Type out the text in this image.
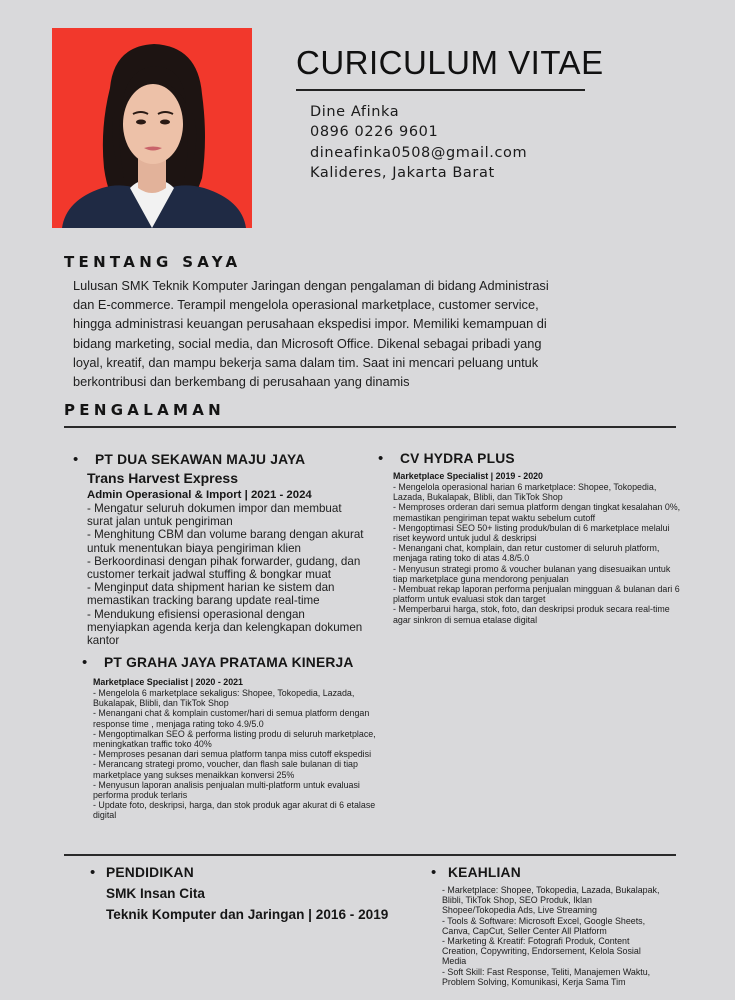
CURICULUM VITAE
Dine Afinka
0896 0226 9601
dineafinka0508@gmail.com
Kalideres, Jakarta Barat
TENTANG SAYA
Lulusan SMK Teknik Komputer Jaringan dengan pengalaman di bidang Administrasi
dan E-commerce. Terampil mengelola operasional marketplace, customer service,
hingga administrasi keuangan perusahaan ekspedisi impor. Memiliki kemampuan di
bidang marketing, social media, dan Microsoft Office. Dikenal sebagai pribadi yang
loyal, kreatif, dan mampu bekerja sama dalam tim. Saat ini mencari peluang untuk
berkontribusi dan berkembang di perusahaan yang dinamis
PENGALAMAN
•	PT DUA SEKAWAN MAJU JAYA
Trans Harvest Express
Admin Operasional & Import | 2021 - 2024
- Mengatur seluruh dokumen impor dan membuat
surat jalan untuk pengiriman
- Menghitung CBM dan volume barang dengan akurat
untuk menentukan biaya pengiriman klien
- Berkoordinasi dengan pihak forwarder, gudang, dan
customer terkait jadwal stuffing & bongkar muat
- Menginput data shipment harian ke sistem dan
memastikan tracking barang update real-time
- Mendukung efisiensi operasional dengan
menyiapkan agenda kerja dan kelengkapan dokumen
kantor
•	CV HYDRA PLUS
Marketplace Specialist | 2019 - 2020
- Mengelola operasional harian 6 marketplace: Shopee, Tokopedia,
Lazada, Bukalapak, Blibli, dan TikTok Shop
- Memproses orderan dari semua platform dengan tingkat kesalahan 0%,
memastikan pengiriman tepat waktu sebelum cutoff
- Mengoptimasi SEO 50+ listing produk/bulan di 6 marketplace melalui
riset keyword untuk judul & deskripsi
- Menangani chat, komplain, dan retur customer di seluruh platform,
menjaga rating toko di atas 4.8/5.0
- Menyusun strategi promo & voucher bulanan yang disesuaikan untuk
tiap marketplace guna mendorong penjualan
- Membuat rekap laporan performa penjualan mingguan & bulanan dari 6
platform untuk evaluasi stok dan target
- Memperbarui harga, stok, foto, dan deskripsi produk secara real-time
agar sinkron di semua etalase digital
•	PT GRAHA JAYA PRATAMA KINERJA
Marketplace Specialist | 2020 - 2021
- Mengelola 6 marketplace sekaligus: Shopee, Tokopedia, Lazada,
Bukalapak, Blibli, dan TikTok Shop
- Menangani chat & komplain customer/hari di semua platform dengan
response time , menjaga rating toko 4.9/5.0
- Mengoptimalkan SEO & performa listing produ di seluruh marketplace,
meningkatkan traffic toko 40%
- Memproses pesanan dari semua platform tanpa miss cutoff ekspedisi
- Merancang strategi promo, voucher, dan flash sale bulanan di tiap
marketplace yang sukses menaikkan konversi 25%
- Menyusun laporan analisis penjualan multi-platform untuk evaluasi
performa produk terlaris
- Update foto, deskripsi, harga, dan stok produk agar akurat di 6 etalase
digital
• PENDIDIKAN
SMK Insan Cita
Teknik Komputer dan Jaringan | 2016 - 2019
• KEAHLIAN
- Marketplace: Shopee, Tokopedia, Lazada, Bukalapak,
Blibli, TikTok Shop, SEO Produk, Iklan
Shopee/Tokopedia Ads, Live Streaming
- Tools & Software: Microsoft Excel, Google Sheets,
Canva, CapCut, Seller Center All Platform
- Marketing & Kreatif: Fotografi Produk, Content
Creation, Copywriting, Endorsement, Kelola Sosial
Media
- Soft Skill: Fast Response, Teliti, Manajemen Waktu,
Problem Solving, Komunikasi, Kerja Sama Tim
